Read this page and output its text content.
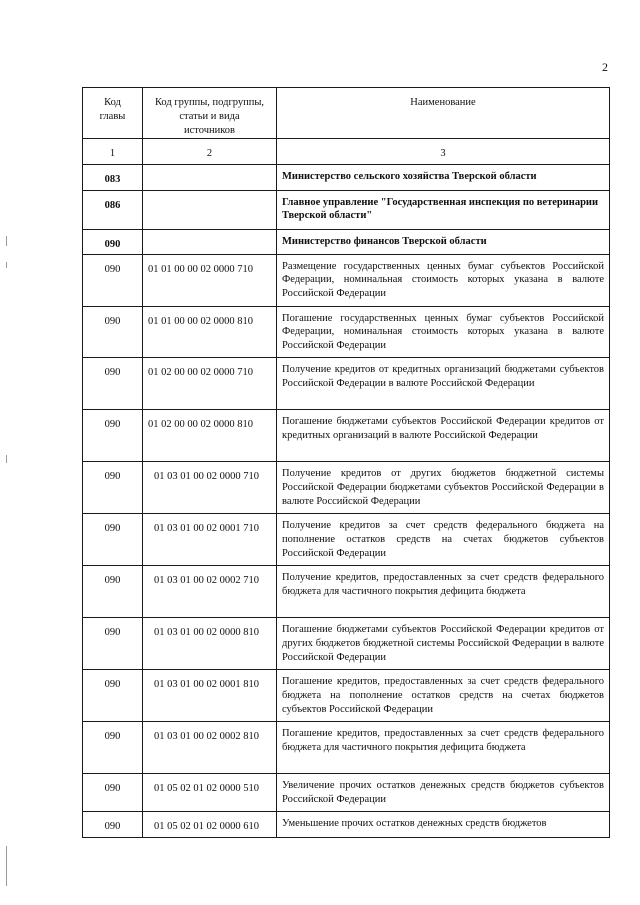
2
Код главы	Код группы, подгруппы, статьи и вида источников	Наименование
1	2	3
083		Министерство сельского хозяйства Тверской области
086		Главное управление "Государственная инспекция по ветеринарии Тверской области"
090		Министерство финансов Тверской области
090	01 01 00 00 02 0000 710	Размещение государственных ценных бумаг субъектов Российской Федерации, номинальная стоимость которых указана в валюте Российской Федерации
090	01 01 00 00 02 0000 810	Погашение государственных ценных бумаг субъектов Российской Федерации, номинальная стоимость которых указана в валюте Российской Федерации
090	01 02 00 00 02 0000 710	Получение кредитов от кредитных организаций бюджетами субъектов Российской Федерации в валюте Российской Федерации
090	01 02 00 00 02 0000 810	Погашение бюджетами субъектов Российской Федерации кредитов от кредитных организаций в валюте Российской Федерации
090	01 03 01 00 02 0000 710	Получение кредитов от других бюджетов бюджетной системы Российской Федерации бюджетами субъектов Российской Федерации в валюте Российской Федерации
090	01 03 01 00 02 0001 710	Получение кредитов за счет средств федерального бюджета на пополнение остатков средств на счетах бюджетов субъектов Российской Федерации
090	01 03 01 00 02 0002 710	Получение кредитов, предоставленных за счет средств федерального бюджета для частичного покрытия дефицита бюджета
090	01 03 01 00 02 0000 810	Погашение бюджетами субъектов Российской Федерации кредитов от других бюджетов бюджетной системы Российской Федерации в валюте Российской Федерации
090	01 03 01 00 02 0001 810	Погашение кредитов, предоставленных за счет средств федерального бюджета на пополнение остатков средств на счетах бюджетов субъектов Российской Федерации
090	01 03 01 00 02 0002 810	Погашение кредитов, предоставленных за счет средств федерального бюджета для частичного покрытия дефицита бюджета
090	01 05 02 01 02 0000 510	Увеличение прочих остатков денежных средств бюджетов субъектов Российской Федерации
090	01 05 02 01 02 0000 610	Уменьшение прочих остатков денежных средств бюджетов
